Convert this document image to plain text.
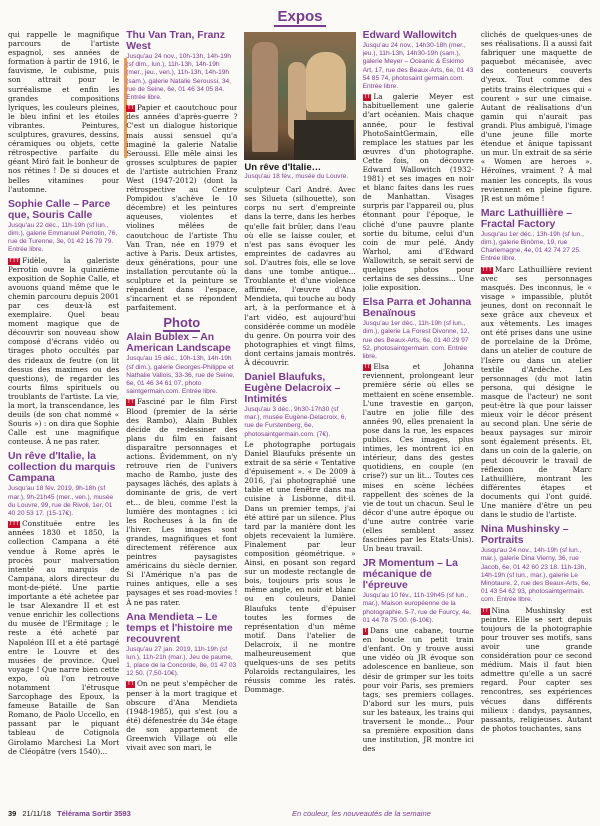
Expos

qui rappelle le magnifique parcours de l'artiste espagnol, ses années de formation à partir de 1916, le fauvisme, le cubisme, puis son attrait pour le surréalisme et enfin les grandes compositions lyriques, les couleurs pleines, le bleu infini et les étoiles vibrantes. Peintures, sculptures, gravures, dessins, céramiques ou objets, cette rétrospective parfaite du géant Miró fait le bonheur de nos rétines ! De si douces et belles vitamines pour l'automne.

Sophie Calle – Parce que, Souris Calle
Jusqu'au 22 déc., 11h-19h (sf lun., dim.), galerie Emmanuel Perrotin, 76, rue de Turenne, 3e, 01 42 16 79 79. Entrée libre.

TTT Fidèle, la galeriste Perrotin ouvre la quinzième exposition de Sophie Calle, et avouons quand même que le chemin parcouru depuis 2001 par ces deux-là est exemplaire. Quel beau moment magique que de découvrir son nouveau show composé d'écrans vidéo ou tirages photo occultés par des rideaux de feutre (on lit dessus des maximes ou des questions), de regarder les courts films spirituels ou troublants de l'artiste. La vie, la mort, la transcendance, les deuils (de son chat nommé « Souris ») : on dira que Sophie Calle est une magnifique conteuse. À ne pas rater.

Un rêve d'Italie, la collection du marquis Campana
Jusqu'au 18 fév. 2019, 9h-18h (sf mar.), 9h-21h45 (mer., ven.), musée du Louvre, 99, rue de Rivoli, 1er, 01 40 20 53 17. (15-17€).

TTT Constituée entre les années 1830 et 1850, la collection Campana a été vendue à Rome après le procès pour malversation intenté au marquis de Campana, alors directeur du mont-de-piété. Une partie importante a été achetée par le tsar Alexandre II et est venue enrichir les collections du musée de l'Ermitage ; le reste a été acheté par Napoléon III et a été partagé entre le Louvre et des musées de province. Quel voyage ! Que narre bien cette expo, où l'on retrouve notamment l'étrusque Sarcophage des Epoux, la fameuse Bataille de San Romano, de Paolo Uccello, en passant par le piquant tableau de Cotignola Girolamo Marchesi La Mort de Cléopâtre (vers 1540)...

Thu Van Tran, Franz West
Jusqu'au 24 nov., 10h-13h, 14h-19h (sf dim., lun.), 11h-13h, 14h-19h (mer., jeu., ven.), 11h-13h, 14h-19h (sam.), galerie Natalie Seroussi, 34, rue de Seine, 6e, 01 46 34 05 84. Entrée libre.

TT Papier et caoutchouc pour des années d'après-guerre ? C'est un dialogue historique mais aussi sensuel qu'a imaginé la galerie Natalie Seroussi. Elle mêle ainsi les grosses sculptures de papier de l'artiste autrichien Franz West (1947-2012) (dont la rétrospective au Centre Pompidou s'achève le 10 décembre) et les peintures aqueuses, violentes et violines mêlées de caoutchouc de l'artiste Thu Van Tran, née en 1979 et active à Paris. Deux artistes, deux générations, pour une installation percutante où la sculpture et la peinture se répandent dans l'espace, s'incarnent et se répondent parfaitement.

Photo
Alain Bublex – An American Landscape
Jusqu'au 15 déc., 10h-13h, 14h-19h (sf dim.), galerie Georges-Philippe et Nathalie Vallois, 33-36, rue de Seine, 6e, 01 46 34 61 07, photo saintgermain.com. Entrée libre.

TT Fasciné par le film First Blood (premier de la série des Rambo), Alain Bublex décide de redessiner des plans du film en faisant disparaître personnages et actions. Évidemment, on n'y retrouve rien de l'univers macho de Rambo, juste des paysages lâchés, des aplats à dominante de gris, de vert et... de bleu, comme l'est la lumière des montagnes : ici les Rocheuses à la fin de l'hiver. Les images sont grandes, magnifiques et font directement référence aux peintres paysagistes américains du siècle dernier. Si l'Amérique n'a pas de ruines antiques, elle a ses paysages et ses road-movies ! À ne pas rater.

Ana Mendieta – Le temps et l'histoire me recouvrent
Jusqu'au 27 jan. 2019, 11h-19h (sf lun.), 11h-21h (mar.), Jeu de paume, 1, place de la Concorde, 8e, 01 47 03 12 50. (7,50-10€).

TT On ne peut s'empêcher de penser à la mort tragique et obscure d'Ana Mendieta (1948-1985), qui s'est (ou a été) défenestrée du 34e étage de son appartement de Greenwich Village où elle vivait avec son mari, le

Un rêve d'Italie…
Jusqu'au 18 fév., musée du Louvre.

sculpteur Carl André. Avec ses Siluetа (silhouette), son corps nu sert d'empreinte dans la terre, dans les herbes qu'elle fait brûler, dans l'eau où elle se laisse couler, et n'est pas sans évoquer les empreintes de cadavres au sol. D'autres fois, elle se love dans une tombe antique... Troublante et d'une violence affirmée, l'œuvre d'Ana Mendieta, qui touche au body art, à la performance et à l'art vidéo, est aujourd'hui considérée comme un modèle du genre. On pourra voir des photographies et vingt films, dont certains jamais montrés. À découvrir.

Daniel Blaufuks, Eugène Delacroix – Intimités
Jusqu'au 3 déc., 9h30-17h30 (sf mar.), musée Eugène-Delacroix, 6, rue de Furstenberg, 6e, photosaintgermain.com. (7€).

Le photographe portugais Daniel Blaufuks présente un extrait de sa série « Tentative d'épuisement ». « De 2009 à 2016, j'ai photographié une table et une fenêtre dans ma cuisine à Lisbonne, dit-il. Dans un premier temps, j'ai été attiré par un silence. Plus tard par la manière dont les objets recevaient la lumière. Finalement par leur composition géométrique. » Ainsi, en posant son regard sur un modeste rectangle de bois, toujours pris sous le même angle, en noir et blanc ou en couleurs, Daniel Blaufuks tente d'épuiser toutes les formes de représentation d'un même motif. Dans l'atelier de Delacroix, il ne montre malheureusement que quelques-uns de ses petits Polaroïds rectangulaires, les réussis comme les ratés. Dommage.

Edward Wallowitch
Jusqu'au 24 nov., 14h30-18h (mer., jeu.), 11h-13h, 14h30-19h (sam.), galerie Meyer – Oceanic & Eskimo Art, 17, rue des Beaux-Arts, 6e, 01 43 54 85 74, photosaint germain.com. Entrée libre.

TT La galerie Meyer est habituellement une galerie d'art océanien. Mais chaque année, pour le festival PhotoSaintGermain, elle remplace les statues par les œuvres d'un photographe. Cette fois, on découvre Edward Wallowitch (1932-1981) et ses images en noir et blanc faites dans les rues de Manhattan. Visages surpris par l'appareil ou, plus étonnant pour l'époque, le cliché d'une pauvre plante sortie du bitume, celui d'un coin de mur pelé. Andy Warhol, ami d'Edward Wallowitch, se serait servi de quelques photos pour certains de ses dessins... Une jolie exposition.

Elsa Parra et Johanna Benaïnous
Jusqu'au 1er déc., 11h-19h (sf lun., dim.), galerie La Forest Divonne, 12, rue des Beaux-Arts, 6e, 01 40 29 97 52, photosaintgermain. com. Entrée libre.

TT Elsa et Johanna reviennent, prolongeant leur première série où elles se mettaient en scène ensemble. L'une travestie en garçon, l'autre en jolie fille des années 90, elles prenaient la pose dans la rue, les espaces publics. Ces images, plus intimes, les montrent ici en intérieur, dans des gestes quotidiens, en couple (en crise?) sur un lit... Toutes ces mises en scène léchées rappellent des scènes de la vie de tout un chacun. Seul le décor d'une autre époque ou d'une autre contrée varie (elles semblent assez fascinées par les Etats-Unis). Un beau travail.

JR Momentum – La mécanique de l'épreuve
Jusqu'au 10 fév., 11h-19h45 (sf lun., mar.), Maison européenne de la photographie, 5-7, rue de Fourcy, 4e, 01 44 78 75 00. (6-10€).

T Dans une cabane, tourne en boucle un petit train d'enfant. On y trouve aussi une vidéo où JR évoque son adolescence en banlieue, son désir de grimper sur les toits pour voir Paris, ses premiers tags, ses premiers collages. D'abord sur les murs, puis sur les bateaux, les trains qui traversent le monde... Pour sa première exposition dans une institution, JR montre ici des

clichés de quelques-unes de ses réalisations. Il a aussi fait fabriquer une maquette de paquebot mécanisée, avec des conteneurs couverts d'yeux. Tout comme des petits trains électriques qui « courent » sur une cimaise. Autant de réalisations d'un gamin qui n'aurait pas grandi. Plus ambiguë, l'image d'une jeune fille morte étendue et ânique tapissant un mur. Un extrait de sa série « Women are heroes ». Héroïnes, vraiment ? À mal manier les concepts, ils vous reviennent en pleine figure. JR est un môme !

Marc Lathuillière – Fractal Factory
Jusqu'au 1er déc., 13h-19h (sf lun., dim.), galerie Binôme, 19, rue Charlemagne, 4e, 01 42 74 27 25. Entrée libre.

TTT Marc Lathuillière revient avec ses personnages masqués. Des inconnus, le « visage » impassible, plutôt jeunes, dont on reconnaît le sexe grâce aux cheveux et aux vêtements. Les images ont été prises dans une usine de porcelaine de la Drôme, dans un atelier de couture de l'Isère ou dans un atelier textile d'Ardèche. Les personnages (du mot latin persona, qui désigne le masque de l'acteur) ne sont peut-être là que pour laisser mieux voir le décor présent au second plan. Une série de beaux paysages sur miroir sont également présents. Et, dans un coin de la galerie, on peut découvrir le travail de réflexion de Marc Lathuillière, montrant les différentes étapes et documents qui l'ont guidé. Une manière d'être un peu dans le studio de l'artiste.

Nina Mushinsky – Portraits
Jusqu'au 24 nov., 14h-19h (sf lun., mar.), galerie Dina Vierny, 36, rue Jacob, 6e, 01 42 60 23 18. 11h-13h, 14h-19h (sf lun., mar.), galerie Le Minotaure, 2, rue des Beaux-Arts, 6e, 01 43 54 62 93, photosaintgermain. com. Entrée libre.

TT Nina Mushinsky est peintre. Elle se sert depuis toujours de la photographie pour trouver ses motifs, sans avoir une grande considération pour ce second médium. Mais il faut bien admettre qu'elle a un sacré regard. Pour capter ses rencontres, ses expériences vécues dans différents milieux : dandys, paysannes, passants, religieuses. Autant de photos touchantes, sans

39 21/11/18 Télérama Sortir 3593	En couleur, les nouveautés de la semaine
